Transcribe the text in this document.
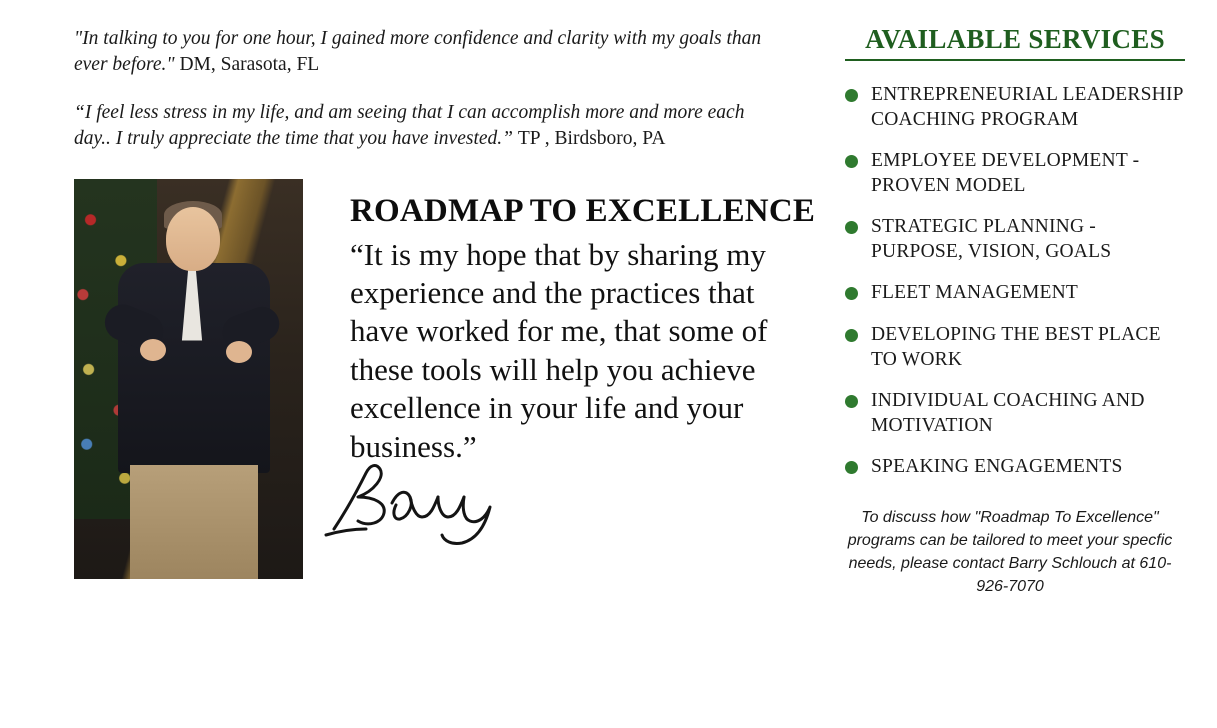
"In talking to you for one hour, I gained more confidence and clarity with my goals than ever before." DM, Sarasota, FL
“I feel less stress in my life, and am seeing that I can accomplish more and more each day.. I truly appreciate the time that you have invested.” TP , Birdsboro, PA
ROADMAP TO EXCELLENCE
“It is my hope that by sharing my experience and the practices that have worked for me, that some of these tools will help you achieve excellence in your life and your business.”
AVAILABLE SERVICES
ENTREPRENEURIAL LEADERSHIP COACHING PROGRAM
EMPLOYEE DEVELOPMENT - PROVEN MODEL
STRATEGIC PLANNING - PURPOSE, VISION, GOALS
FLEET MANAGEMENT
DEVELOPING THE BEST PLACE TO WORK
INDIVIDUAL COACHING AND MOTIVATION
SPEAKING ENGAGEMENTS
To discuss how "Roadmap To Excellence" programs can be tailored to meet your specfic needs, please contact Barry Schlouch at 610-926-7070
